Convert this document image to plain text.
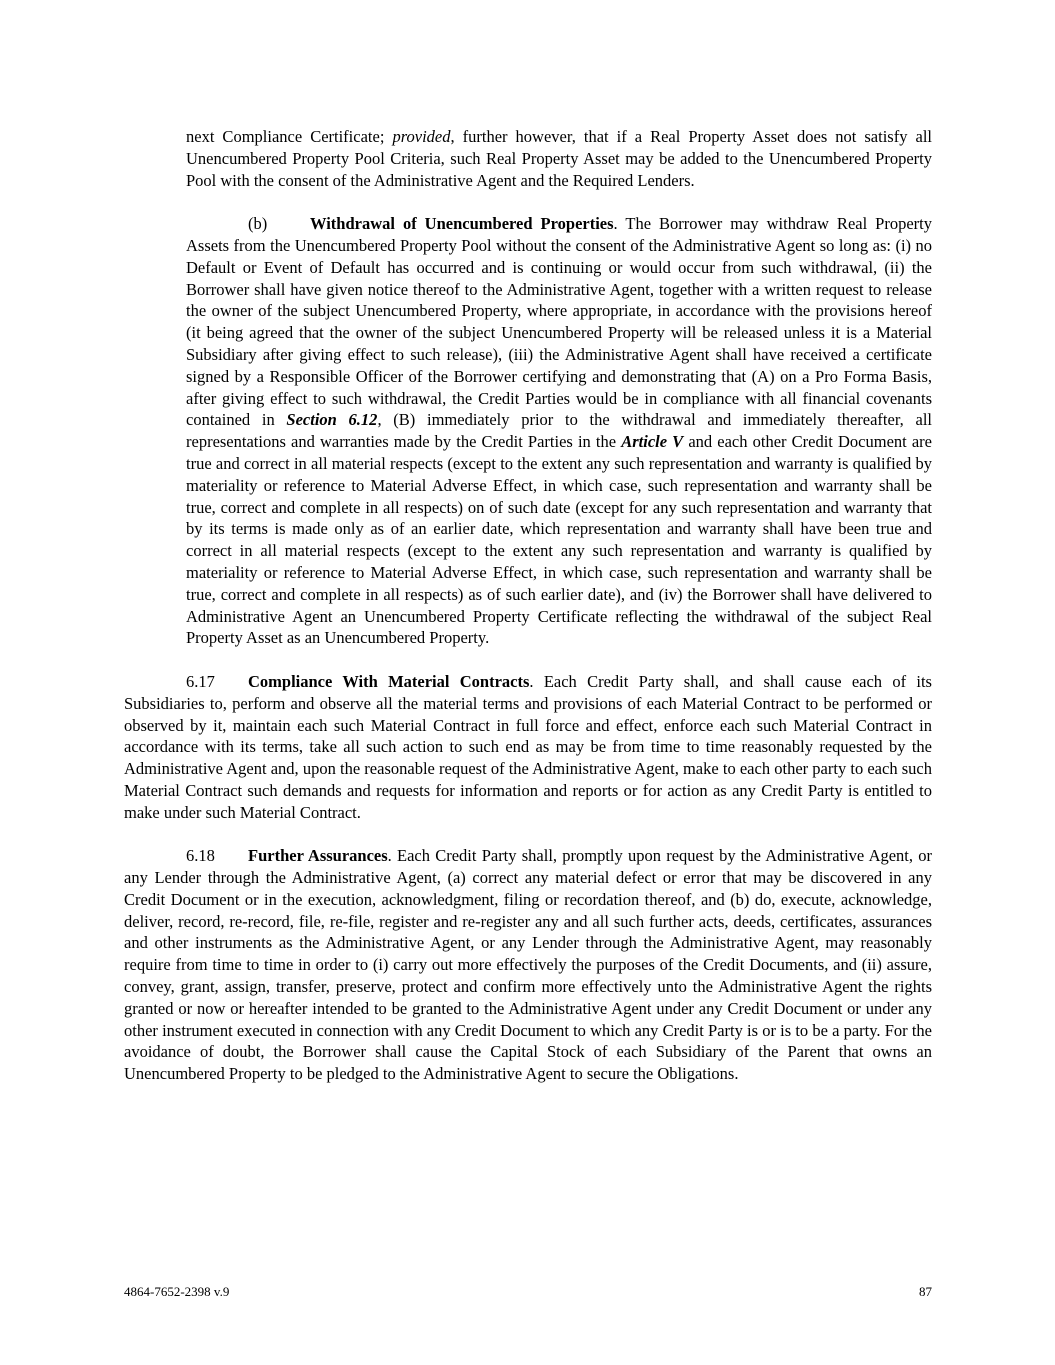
next Compliance Certificate; provided, further however, that if a Real Property Asset does not satisfy all Unencumbered Property Pool Criteria, such Real Property Asset may be added to the Unencumbered Property Pool with the consent of the Administrative Agent and the Required Lenders.

(b)	Withdrawal of Unencumbered Properties. The Borrower may withdraw Real Property Assets from the Unencumbered Property Pool without the consent of the Administrative Agent so long as: (i) no Default or Event of Default has occurred and is continuing or would occur from such withdrawal, (ii) the Borrower shall have given notice thereof to the Administrative Agent, together with a written request to release the owner of the subject Unencumbered Property, where appropriate, in accordance with the provisions hereof (it being agreed that the owner of the subject Unencumbered Property will be released unless it is a Material Subsidiary after giving effect to such release), (iii) the Administrative Agent shall have received a certificate signed by a Responsible Officer of the Borrower certifying and demonstrating that (A) on a Pro Forma Basis, after giving effect to such withdrawal, the Credit Parties would be in compliance with all financial covenants contained in Section 6.12, (B) immediately prior to the withdrawal and immediately thereafter, all representations and warranties made by the Credit Parties in the Article V and each other Credit Document are true and correct in all material respects (except to the extent any such representation and warranty is qualified by materiality or reference to Material Adverse Effect, in which case, such representation and warranty shall be true, correct and complete in all respects) on of such date (except for any such representation and warranty that by its terms is made only as of an earlier date, which representation and warranty shall have been true and correct in all material respects (except to the extent any such representation and warranty is qualified by materiality or reference to Material Adverse Effect, in which case, such representation and warranty shall be true, correct and complete in all respects) as of such earlier date), and (iv) the Borrower shall have delivered to Administrative Agent an Unencumbered Property Certificate reflecting the withdrawal of the subject Real Property Asset as an Unencumbered Property.

6.17 Compliance With Material Contracts. Each Credit Party shall, and shall cause each of its Subsidiaries to, perform and observe all the material terms and provisions of each Material Contract to be performed or observed by it, maintain each such Material Contract in full force and effect, enforce each such Material Contract in accordance with its terms, take all such action to such end as may be from time to time reasonably requested by the Administrative Agent and, upon the reasonable request of the Administrative Agent, make to each other party to each such Material Contract such demands and requests for information and reports or for action as any Credit Party is entitled to make under such Material Contract.

6.18 Further Assurances. Each Credit Party shall, promptly upon request by the Administrative Agent, or any Lender through the Administrative Agent, (a) correct any material defect or error that may be discovered in any Credit Document or in the execution, acknowledgment, filing or recordation thereof, and (b) do, execute, acknowledge, deliver, record, re-record, file, re-file, register and re-register any and all such further acts, deeds, certificates, assurances and other instruments as the Administrative Agent, or any Lender through the Administrative Agent, may reasonably require from time to time in order to (i) carry out more effectively the purposes of the Credit Documents, and (ii) assure, convey, grant, assign, transfer, preserve, protect and confirm more effectively unto the Administrative Agent the rights granted or now or hereafter intended to be granted to the Administrative Agent under any Credit Document or under any other instrument executed in connection with any Credit Document to which any Credit Party is or is to be a party. For the avoidance of doubt, the Borrower shall cause the Capital Stock of each Subsidiary of the Parent that owns an Unencumbered Property to be pledged to the Administrative Agent to secure the Obligations.

4864-7652-2398 v.9	87
